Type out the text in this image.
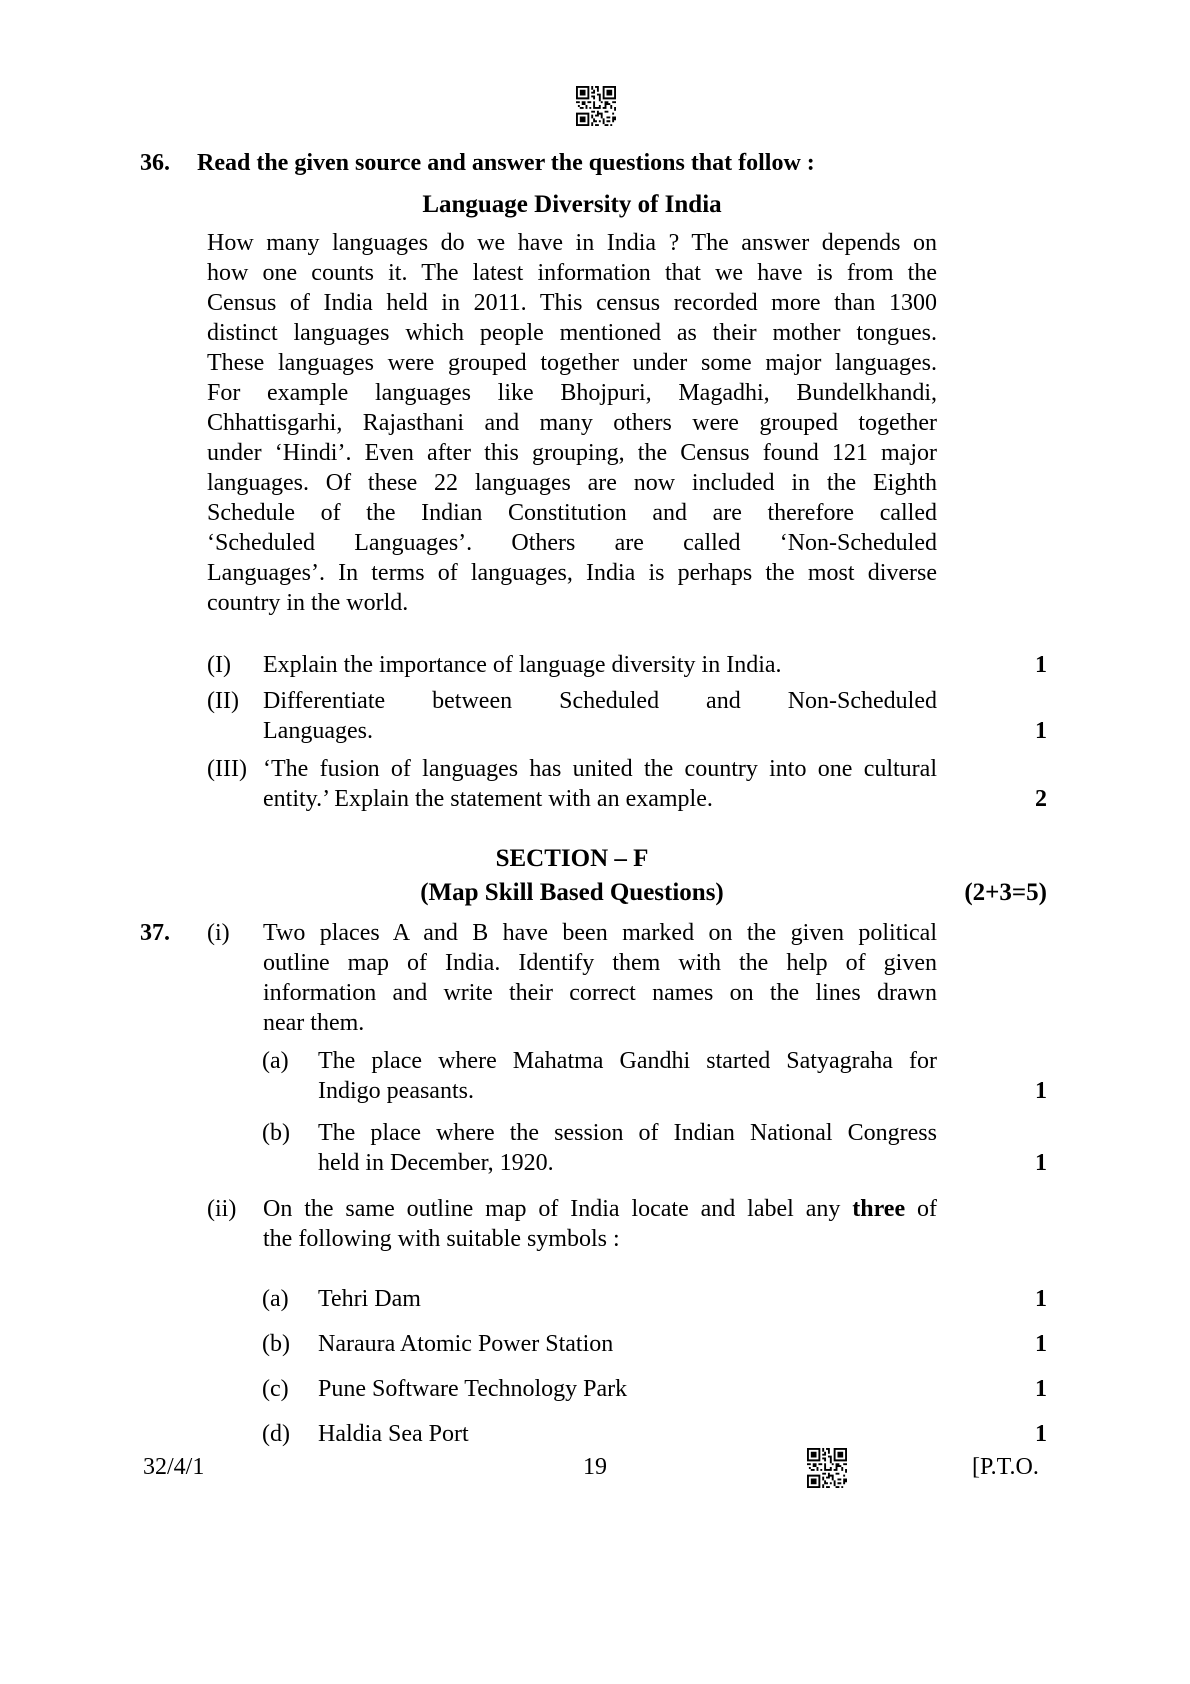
36.	Read the given source and answer the questions that follow :
Language Diversity of India
How many languages do we have in India ? The answer depends on
how one counts it. The latest information that we have is from the
Census of India held in 2011. This census recorded more than 1300
distinct languages which people mentioned as their mother tongues.
These languages were grouped together under some major languages.
For example languages like Bhojpuri, Magadhi, Bundelkhandi,
Chhattisgarhi, Rajasthani and many others were grouped together
under ‘Hindi’. Even after this grouping, the Census found 121 major
languages. Of these 22 languages are now included in the Eighth
Schedule of the Indian Constitution and are therefore called
‘Scheduled Languages’. Others are called ‘Non-Scheduled
Languages’. In terms of languages, India is perhaps the most diverse
country in the world.
(I)	Explain the importance of language diversity in India.	1
(II)	Differentiate between Scheduled and Non-Scheduled
Languages.	1
(III) ‘The fusion of languages has united the country into one cultural
entity.’ Explain the statement with an example.	2
SECTION – F
(Map Skill Based Questions)	(2+3=5)
37.	(i)	Two places A and B have been marked on the given political
outline map of India. Identify them with the help of given
information and write their correct names on the lines drawn
near them.
(a)	The place where Mahatma Gandhi started Satyagraha for
Indigo peasants.	1
(b)	The place where the session of Indian National Congress
held in December, 1920.	1
(ii)	On the same outline map of India locate and label any three of
the following with suitable symbols :
(a)	Tehri Dam	1
(b)	Naraura Atomic Power Station	1
(c)	Pune Software Technology Park	1
(d)	Haldia Sea Port	1
32/4/1	19	[P.T.O.
